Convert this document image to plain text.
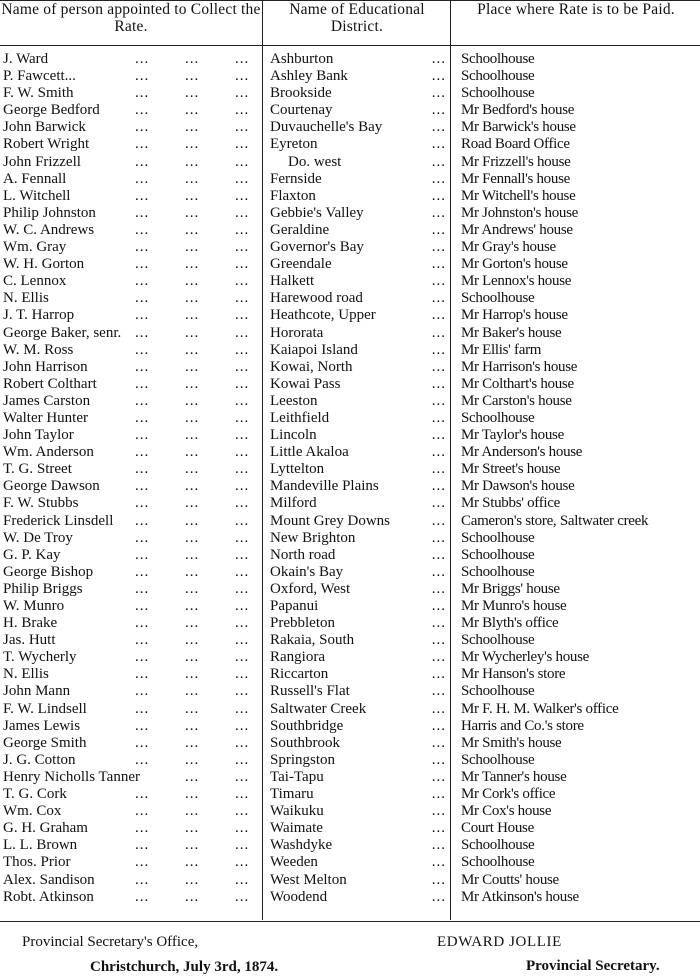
Name of person appointed to Collect the Rate.
Name of Educational District.
Place where Rate is to be Paid.
J. Ward	... ... ... Ashburton	... Schoolhouse
P. Fawcett...	... ... ... Ashley Bank	... Schoolhouse
F. W. Smith	... ... ... Brookside	... Schoolhouse
George Bedford ... ... ... Courtenay	... Mr Bedford's house
John Barwick	... ... ... Duvauchelle's Bay	... Mr Barwick's house
Robert Wright	... ... ... Eyreton	... Road Board Office
John Frizzell	... ... ...	Do. west	... Mr Frizzell's house
A. Fennall	... ... ... Fernside	... Mr Fennall's house
L. Witchell	... ... ... Flaxton	... Mr Witchell's house
Philip Johnston	... ... ... Gebbie's Valley	... Mr Johnston's house
W. C. Andrews	... ... ... Geraldine	... Mr Andrews' house
Wm. Gray	... ... ... Governor's Bay	... Mr Gray's house
W. H. Gorton	... ... ... Greendale	... Mr Gorton's house
C. Lennox	... ... ... Halkett	... Mr Lennox's house
N. Ellis	... ... ... Harewood road	... Schoolhouse
J. T. Harrop	... ... ... Heathcote, Upper	... Mr Harrop's house
George Baker, senr. ... ... ... Hororata	... Mr Baker's house
W. M. Ross	... ... ... Kaiapoi Island	... Mr Ellis' farm
John Harrison	... ... ... Kowai, North	... Mr Harrison's house
Robert Colthart	... ... ... Kowai Pass	... Mr Colthart's house
James Carston	... ... ... Leeston	... Mr Carston's house
Walter Hunter	... ... ... Leithfield	... Schoolhouse
John Taylor	... ... ... Lincoln	... Mr Taylor's house
Wm. Anderson	... ... ... Little Akaloa	... Mr Anderson's house
T. G. Street	... ... ... Lyttelton	... Mr Street's house
George Dawson ... ... ... Mandeville Plains	... Mr Dawson's house
F. W. Stubbs	... ... ... Milford	... Mr Stubbs' office
Frederick Linsdell ... ... ... Mount Grey Downs	... Cameron's store, Saltwater creek
W. De Troy	... ... ... New Brighton	... Schoolhouse
G. P. Kay	... ... ... North road	... Schoolhouse
George Bishop	... ... ... Okain's Bay	... Schoolhouse
Philip Briggs	... ... ... Oxford, West	... Mr Briggs' house
W. Munro	... ... ... Papanui	... Mr Munro's house
H. Brake	... ... ... Prebbleton	... Mr Blyth's office
Jas. Hutt	... ... ... Rakaia, South	... Schoolhouse
T. Wycherly	... ... ... Rangiora	... Mr Wycherley's house
N. Ellis	... ... ... Riccarton	... Mr Hanson's store
John Mann	... ... ... Russell's Flat	... Schoolhouse
F. W. Lindsell	... ... ... Saltwater Creek	... Mr F. H. M. Walker's office
James Lewis	... ... ... Southbridge	... Harris and Co.'s store
George Smith	... ... ... Southbrook	... Mr Smith's house
J. G. Cotton	... ... ... Springston	... Schoolhouse
Henry Nicholls Tanner	... ... Tai-Tapu	... Mr Tanner's house
T. G. Cork	... ... ... Timaru	... Mr Cork's office
Wm. Cox	... ... ... Waikuku	... Mr Cox's house
G. H. Graham	... ... ... Waimate	... Court House
L. L. Brown	... ... ... Washdyke	... Schoolhouse
Thos. Prior	... ... ... Weeden	... Schoolhouse
Alex. Sandison	... ... ... West Melton	... Mr Coutts' house
Robt. Atkinson	... ... ... Woodend	... Mr Atkinson's house
Provincial Secretary's Office,
Christchurch, July 3rd, 1874.
EDWARD JOLLIE
Provincial Secretary.
